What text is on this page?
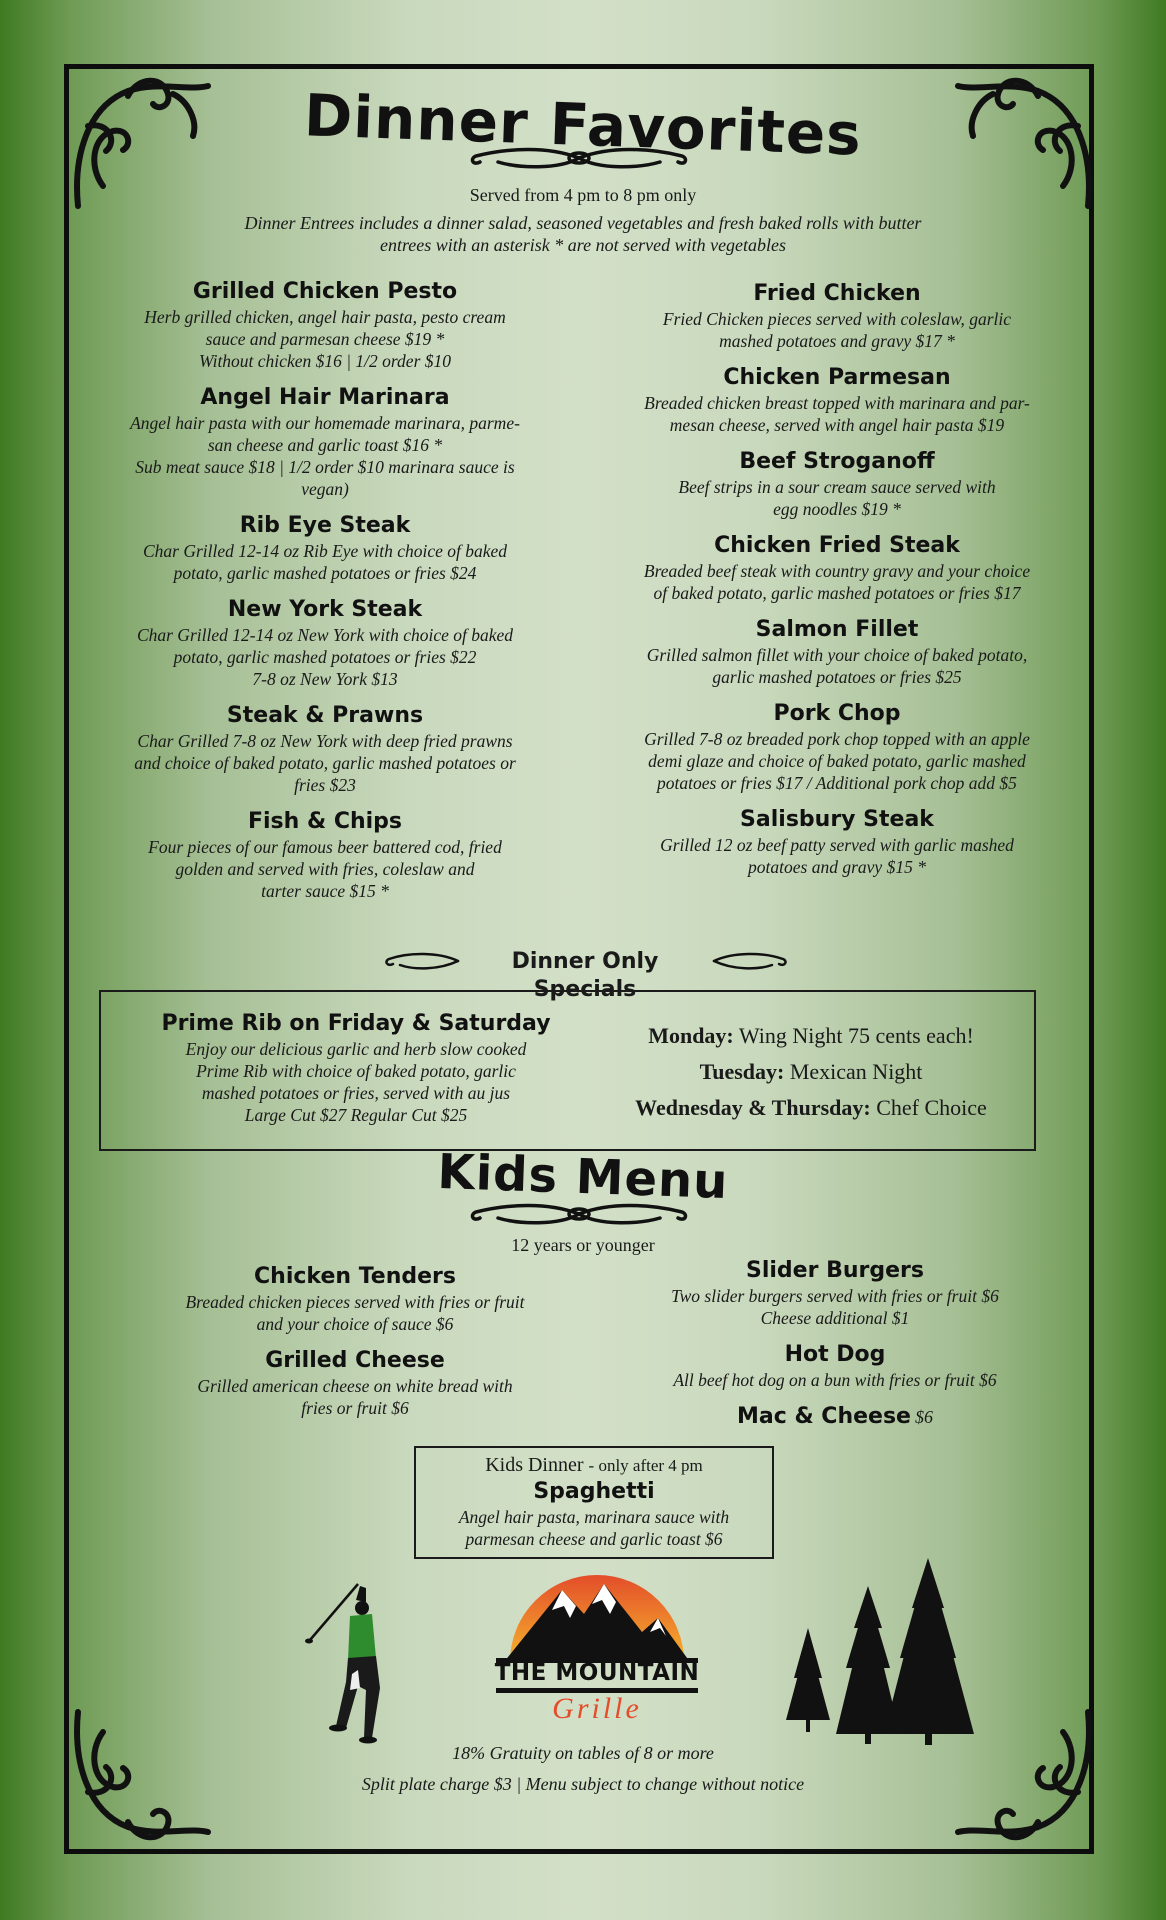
Dinner Favorites
Served from 4 pm to 8 pm only
Dinner Entrees includes a dinner salad, seasoned vegetables and fresh baked rolls with butter
entrees with an asterisk * are not served with vegetables

Grilled Chicken Pesto

Herb grilled chicken, angel hair pasta, pesto cream
sauce and parmesan cheese $19 *
Without chicken $16 | 1/2 order $10

Angel Hair Marinara

Angel hair pasta with our homemade marinara, parme-
san cheese and garlic toast $16 *
Sub meat sauce $18 | 1/2 order $10 marinara sauce is
vegan)

Rib Eye Steak

Char Grilled 12-14 oz Rib Eye with choice of baked
potato, garlic mashed potatoes or fries $24

New York Steak

Char Grilled 12-14 oz New York with choice of baked
potato, garlic mashed potatoes or fries $22
7-8 oz New York $13

Steak & Prawns

Char Grilled 7-8 oz New York with deep fried prawns
and choice of baked potato, garlic mashed potatoes or
fries $23

Fish & Chips

Four pieces of our famous beer battered cod, fried
golden and served with fries, coleslaw and
tarter sauce $15 *

Fried Chicken

Fried Chicken pieces served with coleslaw, garlic
mashed potatoes and gravy $17 *

Chicken Parmesan

Breaded chicken breast topped with marinara and par-
mesan cheese, served with angel hair pasta $19

Beef Stroganoff

Beef strips in a sour cream sauce served with
egg noodles $19 *

Chicken Fried Steak

Breaded beef steak with country gravy and your choice
of baked potato, garlic mashed potatoes or fries $17

Salmon Fillet

Grilled salmon fillet with your choice of baked potato,
garlic mashed potatoes or fries $25

Pork Chop

Grilled 7-8 oz breaded pork chop topped with an apple
demi glaze and choice of baked potato, garlic mashed
potatoes or fries $17 / Additional pork chop add $5

Salisbury Steak

Grilled 12 oz beef patty served with garlic mashed
potatoes and gravy $15 *

Dinner Only Specials

Prime Rib on Friday & Saturday

Enjoy our delicious garlic and herb slow cooked
Prime Rib with choice of baked potato, garlic
mashed potatoes or fries, served with au jus
Large Cut $27 Regular Cut $25

Monday: Wing Night 75 cents each!
Tuesday: Mexican Night
Wednesday & Thursday: Chef Choice
Kids Menu
12 years or younger

Chicken Tenders

Breaded chicken pieces served with fries or fruit
and your choice of sauce $6

Grilled Cheese

Grilled american cheese on white bread with
fries or fruit $6

Slider Burgers

Two slider burgers served with fries or fruit $6
Cheese additional $1

Hot Dog

All beef hot dog on a bun with fries or fruit $6

Mac & Cheese $6
Kids Dinner - only after 4 pm

Spaghetti

Angel hair pasta, marinara sauce with
parmesan cheese and garlic toast $6

THE MOUNTAIN
Grille
18% Gratuity on tables of 8 or more
Split plate charge $3 | Menu subject to change without notice
